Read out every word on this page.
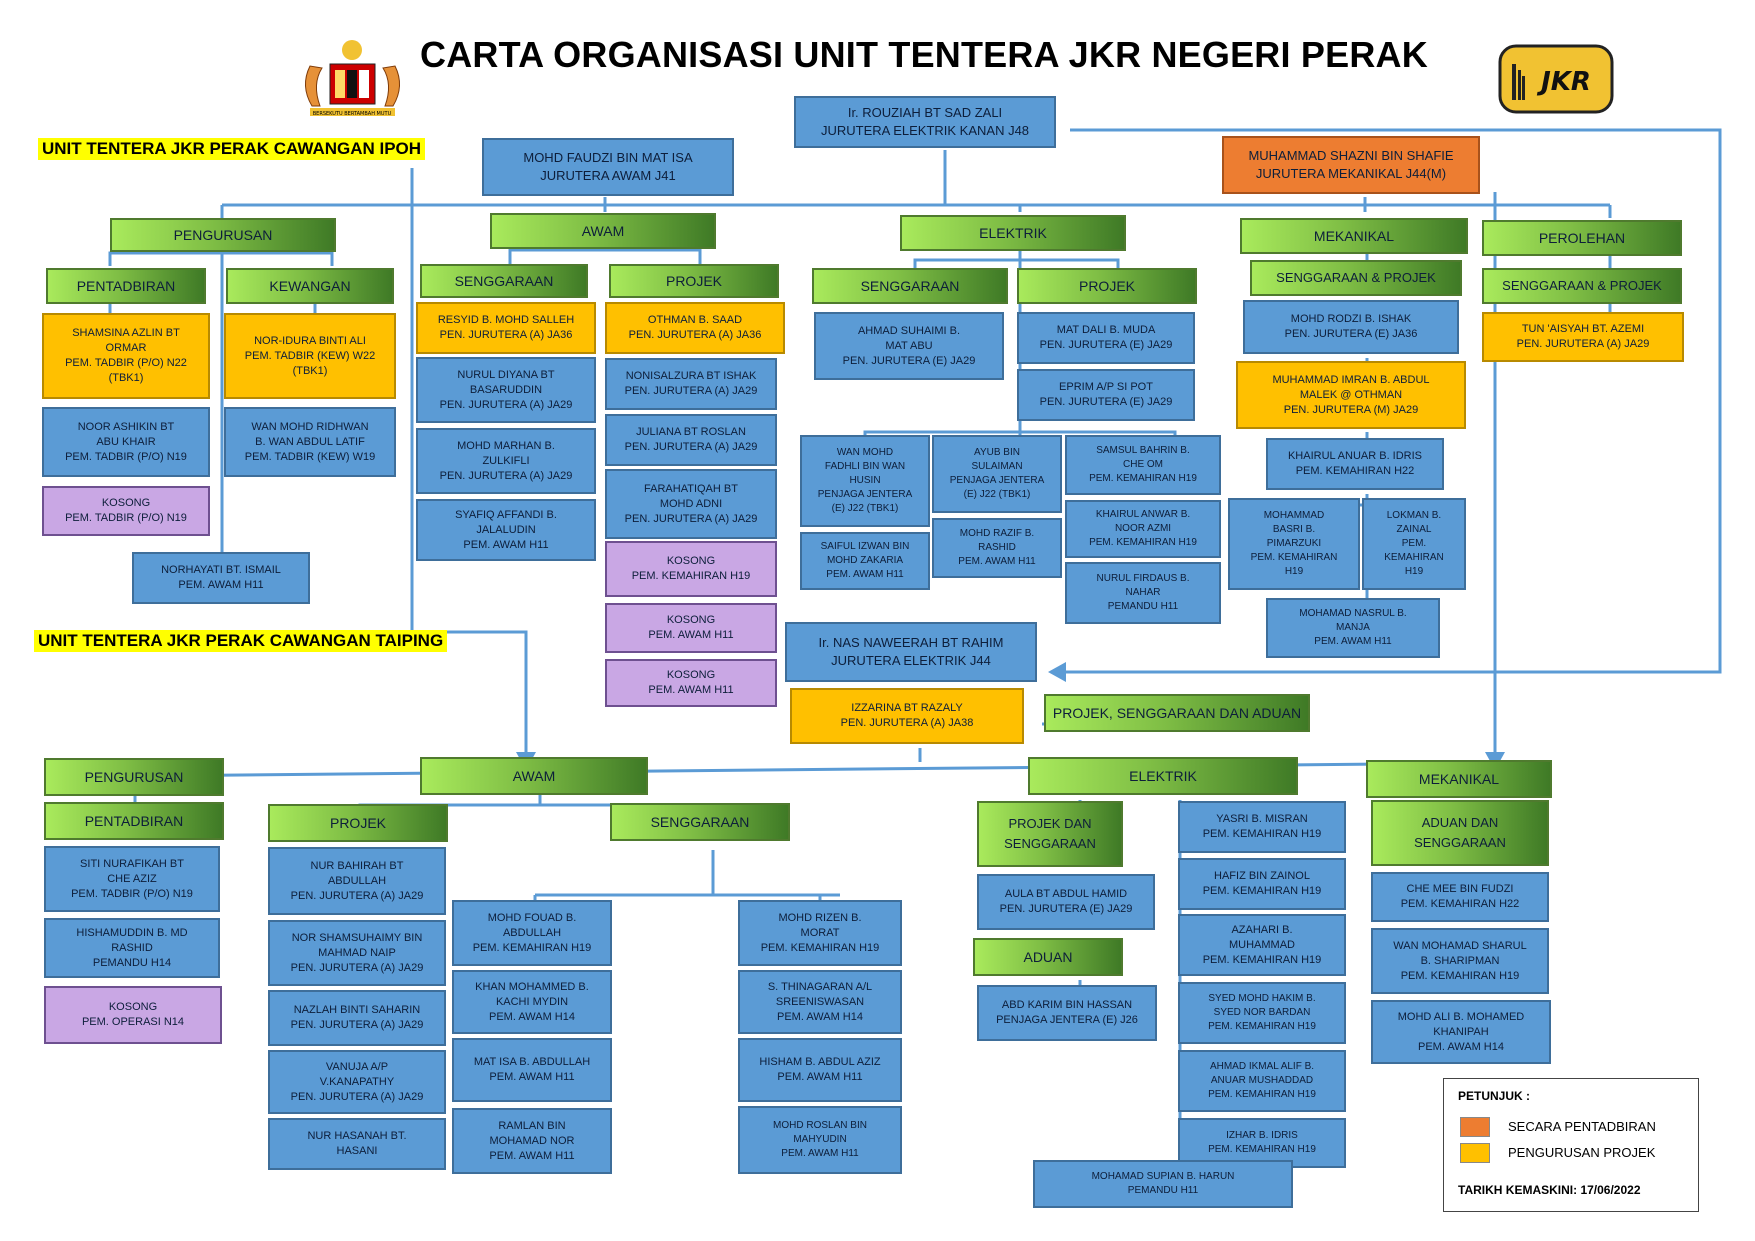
BERSEKUTU BERTAMBAH MUTU
CARTA ORGANISASI UNIT TENTERA JKR NEGERI PERAK
JKR
UNIT TENTERA JKR PERAK CAWANGAN IPOH
UNIT TENTERA JKR PERAK CAWANGAN TAIPING
Ir. ROUZIAH BT SAD ZALI
JURUTERA ELEKTRIK KANAN J48
MOHD FAUDZI BIN MAT ISA
JURUTERA AWAM J41
MUHAMMAD SHAZNI BIN SHAFIE
JURUTERA MEKANIKAL J44(M)
PENGURUSAN
PENTADBIRAN	KEWANGAN
AWAM
SENGGARAAN	PROJEK
ELEKTRIK
SENGGARAAN	PROJEK
MEKANIKAL
SENGGARAAN & PROJEK
PEROLEHAN
SENGGARAAN & PROJEK
SHAMSINA AZLIN BT
ORMAR
PEM. TADBIR (P/O) N22
(TBK1)
NOOR ASHIKIN BT
ABU KHAIR
PEM. TADBIR (P/O) N19
KOSONG
PEM. TADBIR (P/O) N19
NOR-IDURA BINTI ALI
PEM. TADBIR (KEW) W22
(TBK1)
WAN MOHD RIDHWAN
B. WAN ABDUL LATIF
PEM. TADBIR (KEW) W19
NORHAYATI BT. ISMAIL
PEM. AWAM H11
RESYID B. MOHD SALLEH
PEN. JURUTERA (A) JA36
NURUL DIYANA BT
BASARUDDIN
PEN. JURUTERA (A) JA29
MOHD MARHAN B.
ZULKIFLI
PEN. JURUTERA (A) JA29
SYAFIQ AFFANDI B.
JALALUDIN
PEM. AWAM H11
OTHMAN B. SAAD
PEN. JURUTERA (A) JA36
NONISALZURA BT ISHAK
PEN. JURUTERA (A) JA29
JULIANA BT ROSLAN
PEN. JURUTERA (A) JA29
FARAHATIQAH BT
MOHD ADNI
PEN. JURUTERA (A) JA29
KOSONG
PEM. KEMAHIRAN H19
KOSONG
PEM. AWAM H11
KOSONG
PEM. AWAM H11
AHMAD SUHAIMI B.
MAT ABU
PEN. JURUTERA (E) JA29
MAT DALI B. MUDA
PEN. JURUTERA (E) JA29
EPRIM A/P SI POT
PEN. JURUTERA (E) JA29
WAN MOHD
FADHLI BIN WAN
HUSIN
PENJAGA JENTERA
(E) J22 (TBK1)
SAIFUL IZWAN BIN
MOHD ZAKARIA
PEM. AWAM H11
AYUB BIN
SULAIMAN
PENJAGA JENTERA
(E) J22 (TBK1)
MOHD RAZIF B.
RASHID
PEM. AWAM H11
SAMSUL BAHRIN B.
CHE OM
PEM. KEMAHIRAN H19
KHAIRUL ANWAR B.
NOOR AZMI
PEM. KEMAHIRAN H19
NURUL FIRDAUS B.
NAHAR
PEMANDU H11
MOHD RODZI B. ISHAK
PEN. JURUTERA (E) JA36
MUHAMMAD IMRAN B. ABDUL
MALEK @ OTHMAN
PEN. JURUTERA (M) JA29
KHAIRUL ANUAR B. IDRIS
PEM. KEMAHIRAN H22
MOHAMMAD
BASRI B.
PIMARZUKI
PEM. KEMAHIRAN
H19
LOKMAN B.
ZAINAL
PEM.
KEMAHIRAN
H19
MOHAMAD NASRUL B.
MANJA
PEM. AWAM H11
TUN 'AISYAH BT. AZEMI
PEN. JURUTERA (A) JA29
Ir. NAS NAWEERAH BT RAHIM
JURUTERA ELEKTRIK J44
IZZARINA BT RAZALY
PEN. JURUTERA (A) JA38
PROJEK, SENGGARAAN DAN ADUAN
PENGURUSAN
PENTADBIRAN
AWAM
PROJEK	SENGGARAAN
ELEKTRIK
PROJEK DAN
SENGGARAAN
ADUAN
MEKANIKAL
ADUAN DAN
SENGGARAAN
SITI NURAFIKAH BT
CHE AZIZ
PEM. TADBIR (P/O) N19
HISHAMUDDIN B. MD
RASHID
PEMANDU H14
KOSONG
PEM. OPERASI N14
NUR BAHIRAH BT
ABDULLAH
PEN. JURUTERA (A) JA29
NOR SHAMSUHAIMY BIN
MAHMAD NAIP
PEN. JURUTERA (A) JA29
NAZLAH BINTI SAHARIN
PEN. JURUTERA (A) JA29
VANUJA A/P
V.KANAPATHY
PEN. JURUTERA (A) JA29
NUR HASANAH BT.
HASANI
MOHD FOUAD B.
ABDULLAH
PEM. KEMAHIRAN H19
KHAN MOHAMMED B.
KACHI MYDIN
PEM. AWAM H14
MAT ISA B. ABDULLAH
PEM. AWAM H11
RAMLAN BIN
MOHAMAD NOR
PEM. AWAM H11
MOHD RIZEN B.
MORAT
PEM. KEMAHIRAN H19
S. THINAGARAN A/L
SREENISWASAN
PEM. AWAM H14
HISHAM B. ABDUL AZIZ
PEM. AWAM H11
MOHD ROSLAN BIN
MAHYUDIN
PEM. AWAM H11
AULA BT ABDUL HAMID
PEN. JURUTERA (E) JA29
ABD KARIM BIN HASSAN
PENJAGA JENTERA (E) J26
YASRI B. MISRAN
PEM. KEMAHIRAN H19
HAFIZ BIN ZAINOL
PEM. KEMAHIRAN H19
AZAHARI B.
MUHAMMAD
PEM. KEMAHIRAN H19
SYED MOHD HAKIM B.
SYED NOR BARDAN
PEM. KEMAHIRAN H19
AHMAD IKMAL ALIF B.
ANUAR MUSHADDAD
PEM. KEMAHIRAN H19
IZHAR B. IDRIS
PEM. KEMAHIRAN H19
MOHAMAD SUPIAN B. HARUN
PEMANDU H11
CHE MEE BIN FUDZI
PEM. KEMAHIRAN H22
WAN MOHAMAD SHARUL
B. SHARIPMAN
PEM. KEMAHIRAN H19
MOHD ALI B. MOHAMED
KHANIPAH
PEM. AWAM H14
PETUNJUK :
SECARA PENTADBIRAN
PENGURUSAN PROJEK
TARIKH KEMASKINI: 17/06/2022
